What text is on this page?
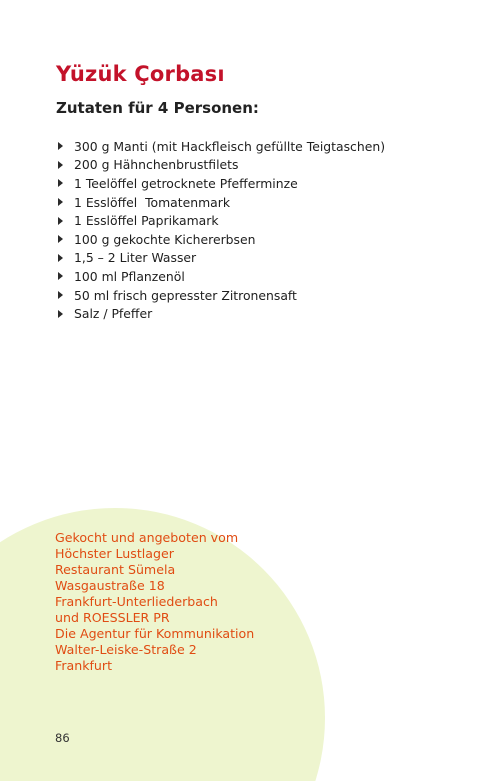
Yüzük Çorbası
Zutaten für 4 Personen:
300 g Manti (mit Hackfleisch gefüllte Teigtaschen)
200 g Hähnchenbrustfilets
1 Teelöffel getrocknete Pfefferminze
1 Esslöffel  Tomatenmark
1 Esslöffel Paprikamark
100 g gekochte Kichererbsen
1,5 – 2 Liter Wasser
100 ml Pflanzenöl
50 ml frisch gepresster Zitronensaft
Salz / Pfeffer
Gekocht und angeboten vom
Höchster Lustlager
Restaurant Sümela
Wasgaustraße 18
Frankfurt-Unterliederbach
und ROESSLER PR
Die Agentur für Kommunikation
Walter-Leiske-Straße 2
Frankfurt
86
